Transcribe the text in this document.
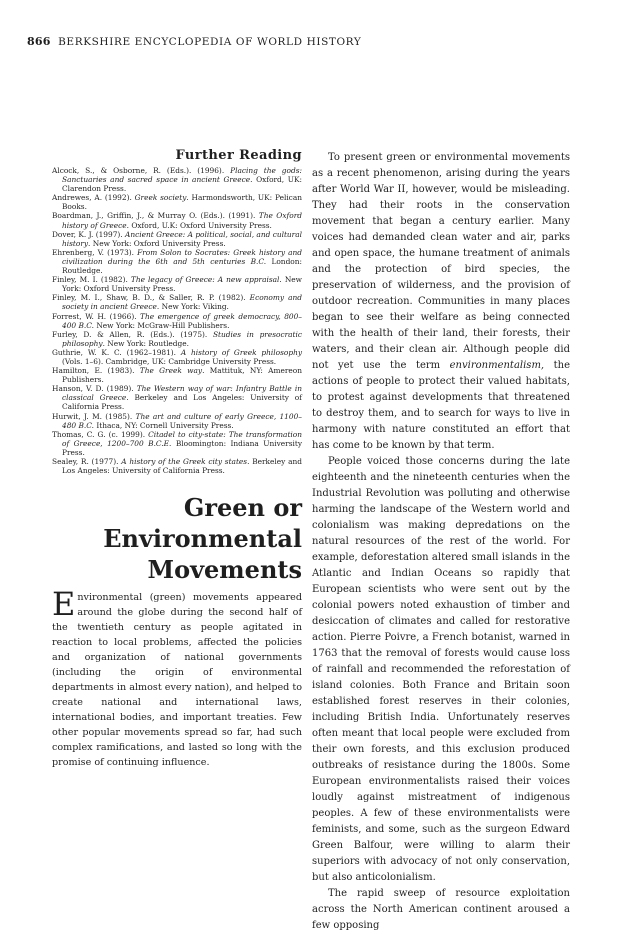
866 BERKSHIRE ENCYCLOPEDIA OF WORLD HISTORY
Further Reading
Alcock, S., & Osborne, R. (Eds.). (1996). Placing the gods: Sanctuaries and sacred space in ancient Greece. Oxford, UK: Clarendon Press.
Andrewes, A. (1992). Greek society. Harmondsworth, UK: Pelican Books.
Boardman, J., Griffin, J., & Murray O. (Eds.). (1991). The Oxford history of Greece. Oxford, U.K: Oxford University Press.
Dover, K. J. (1997). Ancient Greece: A political, social, and cultural history. New York: Oxford University Press.
Ehrenberg, V. (1973). From Solon to Socrates: Greek history and civilization during the 6th and 5th centuries B.C. London: Routledge.
Finley, M. I. (1982). The legacy of Greece: A new appraisal. New York: Oxford University Press.
Finley, M. I., Shaw, B. D., & Saller, R. P. (1982). Economy and society in ancient Greece. New York: Viking.
Forrest, W. H. (1966). The emergence of greek democracy, 800–400 B.C. New York: McGraw-Hill Publishers.
Furley, D. & Allen, R. (Eds.). (1975). Studies in presocratic philosophy. New York: Routledge.
Guthrie, W. K. C. (1962–1981). A history of Greek philosophy (Vols. 1–6). Cambridge, UK: Cambridge University Press.
Hamilton, E. (1983). The Greek way. Mattituk, NY: Amereon Publishers.
Hanson, V. D. (1989). The Western way of war: Infantry Battle in classical Greece. Berkeley and Los Angeles: University of California Press.
Hurwit, J. M. (1985). The art and culture of early Greece, 1100–480 B.C. Ithaca, NY: Cornell University Press.
Thomas, C. G. (c. 1999). Citadel to city-state: The transformation of Greece, 1200–700 B.C.E. Bloomington: Indiana University Press.
Sealey, R. (1977). A history of the Greek city states. Berkeley and Los Angeles: University of California Press.
Green or
Environmental
Movements

Environmental (green) movements appeared around the globe during the second half of the twentieth century as people agitated in reaction to local problems, affected the policies and organization of national governments (including the origin of environmental departments in almost every nation), and helped to create national and international laws, international bodies, and important treaties. Few other popular movements spread so far, had such complex ramifications, and lasted so long with the promise of continuing influence.

To present green or environmental movements as a recent phenomenon, arising during the years after World War II, however, would be misleading. They had their roots in the conservation movement that began a century earlier. Many voices had demanded clean water and air, parks and open space, the humane treatment of animals and the protection of bird species, the preservation of wilderness, and the provision of outdoor recreation. Communities in many places began to see their welfare as being connected with the health of their land, their forests, their waters, and their clean air. Although people did not yet use the term environmentalism, the actions of people to protect their valued habitats, to protest against developments that threatened to destroy them, and to search for ways to live in harmony with nature constituted an effort that has come to be known by that term.

People voiced those concerns during the late eighteenth and the nineteenth centuries when the Industrial Revolution was polluting and otherwise harming the landscape of the Western world and colonialism was making depredations on the natural resources of the rest of the world. For example, deforestation altered small islands in the Atlantic and Indian Oceans so rapidly that European scientists who were sent out by the colonial powers noted exhaustion of timber and desiccation of climates and called for restorative action. Pierre Poivre, a French botanist, warned in 1763 that the removal of forests would cause loss of rainfall and recommended the reforestation of island colonies. Both France and Britain soon established forest reserves in their colonies, including British India. Unfortunately reserves often meant that local people were excluded from their own forests, and this exclusion produced outbreaks of resistance during the 1800s. Some European environmentalists raised their voices loudly against mistreatment of indigenous peoples. A few of these environmentalists were feminists, and some, such as the surgeon Edward Green Balfour, were willing to alarm their superiors with advocacy of not only conservation, but also anticolonialism.

The rapid sweep of resource exploitation across the North American continent aroused a few opposing
